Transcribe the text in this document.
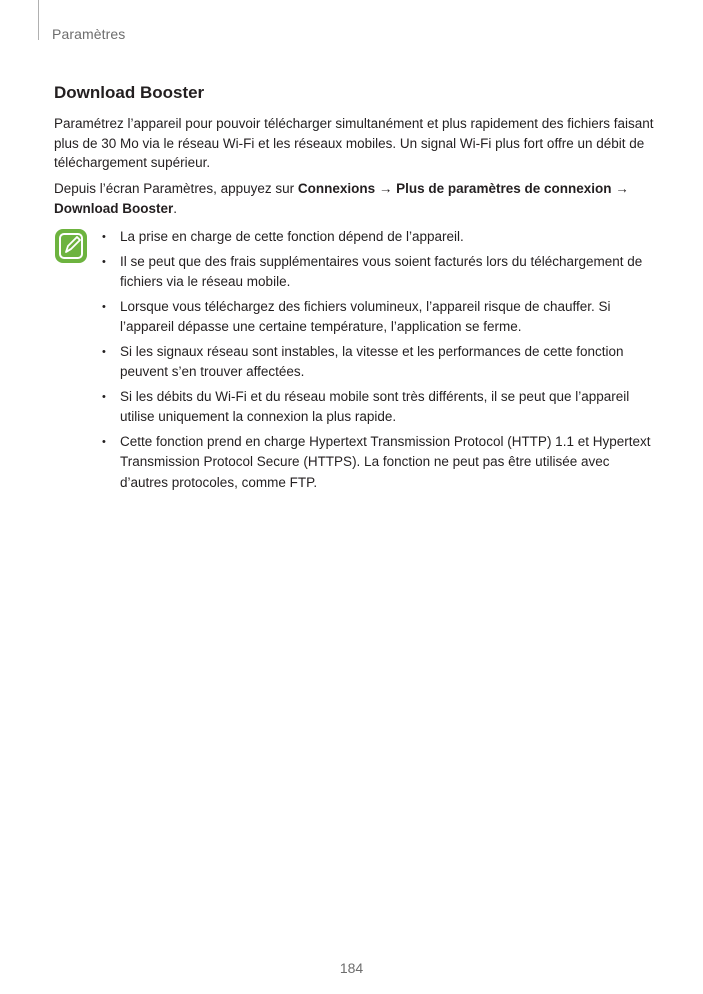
Paramètres
Download Booster

Paramétrez l’appareil pour pouvoir télécharger simultanément et plus rapidement des fichiers faisant plus de 30 Mo via le réseau Wi-Fi et les réseaux mobiles. Un signal Wi-Fi plus fort offre un débit de téléchargement supérieur.

Depuis l’écran Paramètres, appuyez sur Connexions → Plus de paramètres de connexion → Download Booster.

• La prise en charge de cette fonction dépend de l’appareil.
• Il se peut que des frais supplémentaires vous soient facturés lors du téléchargement de fichiers via le réseau mobile.
• Lorsque vous téléchargez des fichiers volumineux, l’appareil risque de chauffer. Si l’appareil dépasse une certaine température, l’application se ferme.
• Si les signaux réseau sont instables, la vitesse et les performances de cette fonction peuvent s’en trouver affectées.
• Si les débits du Wi-Fi et du réseau mobile sont très différents, il se peut que l’appareil utilise uniquement la connexion la plus rapide.
• Cette fonction prend en charge Hypertext Transmission Protocol (HTTP) 1.1 et Hypertext Transmission Protocol Secure (HTTPS). La fonction ne peut pas être utilisée avec d’autres protocoles, comme FTP.
184
